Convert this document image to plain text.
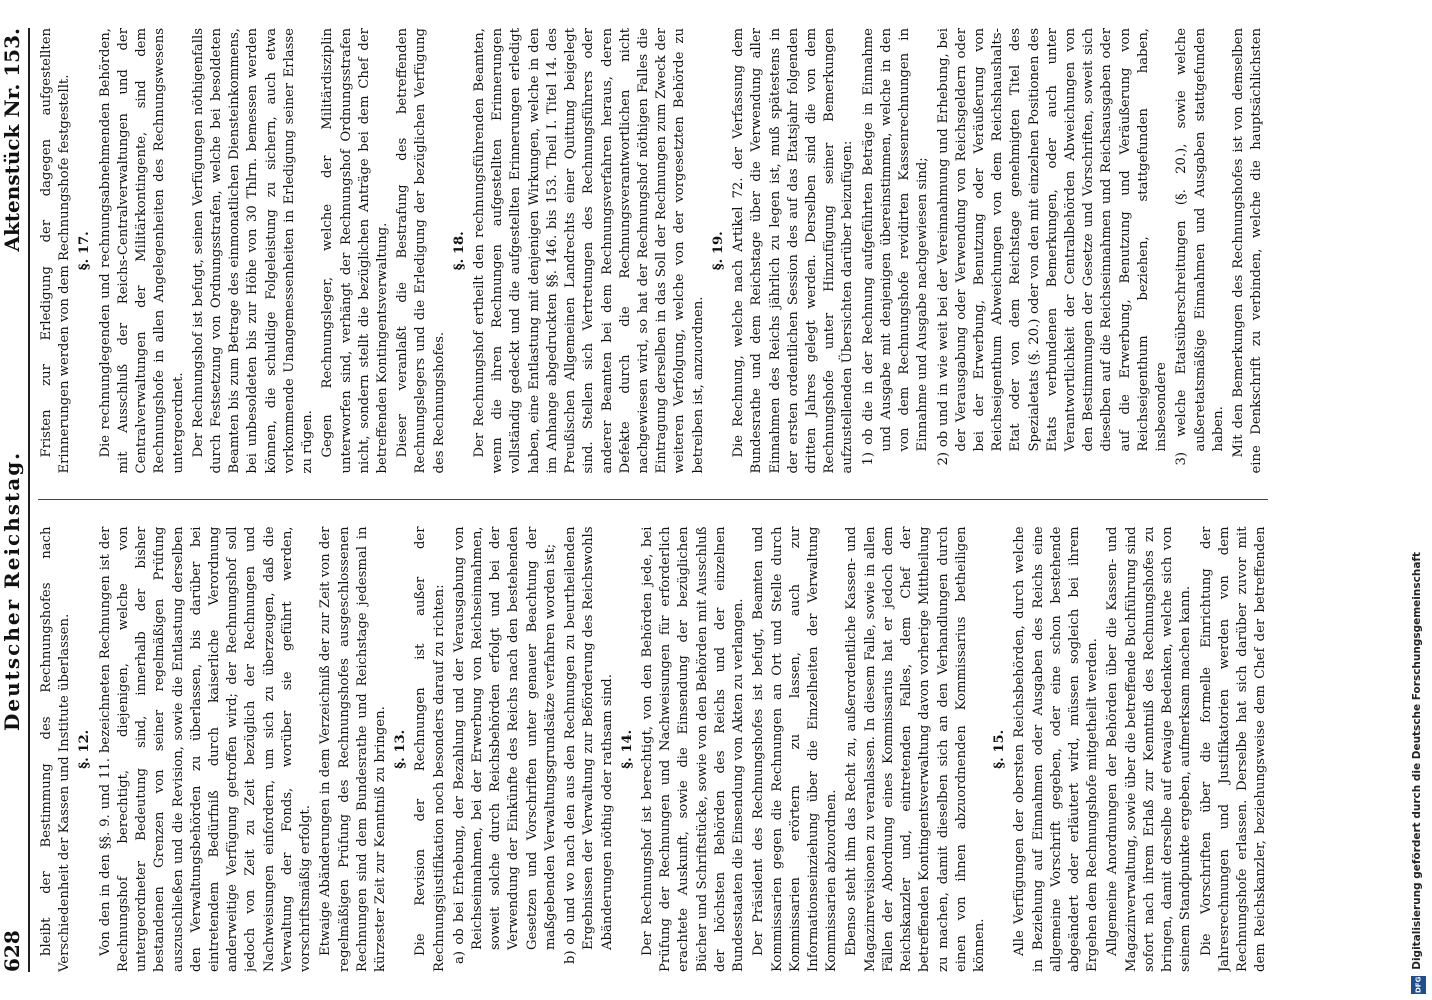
628
Deutscher Reichstag.
Aktenstück Nr. 153.

bleibt der Bestimmung des Rechnungshofes nach Verschiedenheit der Kassen und Institute überlassen. §. 12. Von den in den §§. 9. und 11. bezeichneten Rechnungen ist der Rechnungshof berechtigt, diejenigen, welche von untergeordneter Bedeutung sind, innerhalb der bisher bestandenen Grenzen von seiner regelmäßigen Prüfung auszuschließen und die Revision, sowie die Entlastung derselben den Verwaltungsbehörden zu überlassen, bis darüber bei eintretendem Bedürfniß durch kaiserliche Verordnung anderweitige Verfügung getroffen wird; der Rechnungshof soll jedoch von Zeit zu Zeit bezüglich der Rechnungen und Nachweisungen einfordern, um sich zu überzeugen, daß die Verwaltung der Fonds, worüber sie geführt werden, vorschriftsmäßig erfolgt. Etwaige Abänderungen in dem Verzeichniß der zur Zeit von der regelmäßigen Prüfung des Rechnungshofes ausgeschlossenen Rechnungen sind dem Bundesrathe und Reichstage jedesmal in kürzester Zeit zur Kenntniß zu bringen. §. 13. Die Revision der Rechnungen ist außer der Rechnungsjustifikation noch besonders darauf zu richten: a) ob bei Erhebung, der Bezahlung und der Verausgabung von Reichseinnahmen, bei der Erwerbung von Reichseinnahmen, soweit solche durch Reichsbehörden erfolgt und bei der Verwendung der Einkünfte des Reichs nach den bestehenden Gesetzen und Vorschriften unter genauer Beachtung der maßgebenden Verwaltungsgrundsätze verfahren worden ist; b) ob und wo nach den aus den Rechnungen zu beurtheilenden Ergebnissen der Verwaltung zur Beförderung des Reichswohls Abänderungen nöthig oder rathsam sind. §. 14. Der Rechnungshof ist berechtigt, von den Behörden jede, bei Prüfung der Rechnungen und Nachweisungen für erforderlich erachtete Auskunft, sowie die Einsendung der bezüglichen Bücher und Schriftstücke, sowie von den Behörden mit Ausschluß der höchsten Behörden des Reichs und der einzelnen Bundesstaaten die Einsendung von Akten zu verlangen. Der Präsident des Rechnungshofes ist befugt, Beamten und Kommissarien gegen die Rechnungen an Ort und Stelle durch Kommissarien erörtern zu lassen, auch zur Informationseinziehung über die Einzelheiten der Verwaltung Kommissarien abzuordnen. Ebenso steht ihm das Recht zu, außerordentliche Kassen- und Magazinrevisionen zu veranlassen. In diesem Falle, sowie in allen Fällen der Abordnung eines Kommissarius hat er jedoch dem Reichskanzler und, eintretenden Falles, dem Chef der betreffenden Kontingentsverwaltung davon vorherige Mittheilung zu machen, damit dieselben sich an den Verhandlungen durch einen von ihnen abzuordnenden Kommissarius betheiligen können.

§. 15. Alle Verfügungen der obersten Reichsbehörden, durch welche in Beziehung auf Einnahmen oder Ausgaben des Reichs eine allgemeine Vorschrift gegeben, oder eine schon bestehende abgeändert oder erläutert wird, müssen sogleich bei ihrem Ergehen dem Rechnungshofe mitgetheilt werden. Allgemeine Anordnungen der Behörden über die Kassen- und Magazinverwaltung, sowie über die betreffende Buchführung sind sofort nach ihrem Erlaß zur Kenntniß des Rechnungshofes zu bringen, damit derselbe auf etwaige Bedenken, welche sich von seinem Standpunkte ergeben, aufmerksam machen kann. Die Vorschriften über die formelle Einrichtung der Jahresrechnungen und Justifikatorien werden von dem Rechnungshofe erlassen. Derselbe hat sich darüber zuvor mit dem Reichskanzler, beziehungsweise dem Chef der betreffenden

Fristen zur Erledigung der dagegen aufgestellten Erinnerungen werden von dem Rechnungshofe festgestellt. §. 17. Die rechnunglegenden und rechnungsabnehmenden Behörden, mit Ausschluß der Reichs-Centralverwaltungen und der Centralverwaltungen der Militärkontingente, sind dem Rechnungshofe in allen Angelegenheiten des Rechnungswesens untergeordnet. Der Rechnungshof ist befugt, seinen Verfügungen nöthigenfalls durch Festsetzung von Ordnungsstrafen, welche bei besoldeten Beamten bis zum Betrage des einmonatlichen Diensteinkommens, bei unbesoldeten bis zur Höhe von 30 Thlrn. bemessen werden können, die schuldige Folgeleistung zu sichern, auch etwa vorkommende Unangemessenheiten in Erledigung seiner Erlasse zu rügen. Gegen Rechnungsleger, welche der Militärdisziplin unterworfen sind, verhängt der Rechnungshof Ordnungsstrafen nicht, sondern stellt die bezüglichen Anträge bei dem Chef der betreffenden Kontingentsverwaltung. Dieser veranlaßt die Bestrafung des betreffenden Rechnungslegers und die Erledigung der bezüglichen Verfügung des Rechnungshofes.

§. 18. Der Rechnungshof ertheilt den rechnungsführenden Beamten, wenn die ihren Rechnungen aufgestellten Erinnerungen vollständig gedeckt und die aufgestellten Erinnerungen erledigt haben, eine Entlastung mit denjenigen Wirkungen, welche in den im Anhange abgedruckten §§. 146. bis 153. Theil I. Titel 14. des Preußischen Allgemeinen Landrechts einer Quittung beigelegt sind. Stellen sich Vertretungen des Rechnungsführers oder anderer Beamten bei dem Rechnungsverfahren heraus, deren Defekte durch die Rechnungsverantwortlichen nicht nachgewiesen wird, so hat der Rechnungshof nöthigen Falles die Eintragung derselben in das Soll der Rechnungen zum Zweck der weiteren Verfolgung, welche von der vorgesetzten Behörde zu betreiben ist, anzuordnen.

§. 19. Die Rechnung, welche nach Artikel 72. der Verfassung dem Bundesrathe und dem Reichstage über die Verwendung aller Einnahmen des Reichs jährlich zu legen ist, muß spätestens in der ersten ordentlichen Session des auf das Etatsjahr folgenden dritten Jahres gelegt werden. Derselben sind die von dem Rechnungshofe unter Hinzufügung seiner Bemerkungen aufzustellenden Übersichten darüber beizufügen: 1) ob die in der Rechnung aufgeführten Beträge in Einnahme und Ausgabe mit denjenigen übereinstimmen, welche in den von dem Rechnungshofe revidirten Kassenrechnungen in Einnahme und Ausgabe nachgewiesen sind; 2) ob und in wie weit bei der Vereinnahmung und Erhebung, bei der Verausgabung oder Verwendung von Reichsgeldern oder bei der Erwerbung, Benutzung oder Veräußerung von Reichseigenthum Abweichungen von dem Reichshaushalts-Etat oder von dem Reichstage genehmigten Titel des Spezialetats (§. 20.) oder von den mit einzelnen Positionen des Etats verbundenen Bemerkungen, oder auch unter Verantwortlichkeit der Centralbehörden Abweichungen von den Bestimmungen der Gesetze und Vorschriften, soweit sich dieselben auf die Reichseinnahmen und Reichsausgaben oder auf die Erwerbung, Benutzung und Veräußerung von Reichseigenthum beziehen, stattgefunden haben, insbesondere 3) welche Etatsüberschreitungen (§. 20.), sowie welche außeretatsmäßige Einnahmen und Ausgaben stattgefunden haben. Mit den Bemerkungen des Rechnungshofes ist von demselben eine Denkschrift zu verbinden, welche die hauptsächlichsten

Digitalisierung gefördert durch die Deutsche Forschungsgemeinschaft
DFG
